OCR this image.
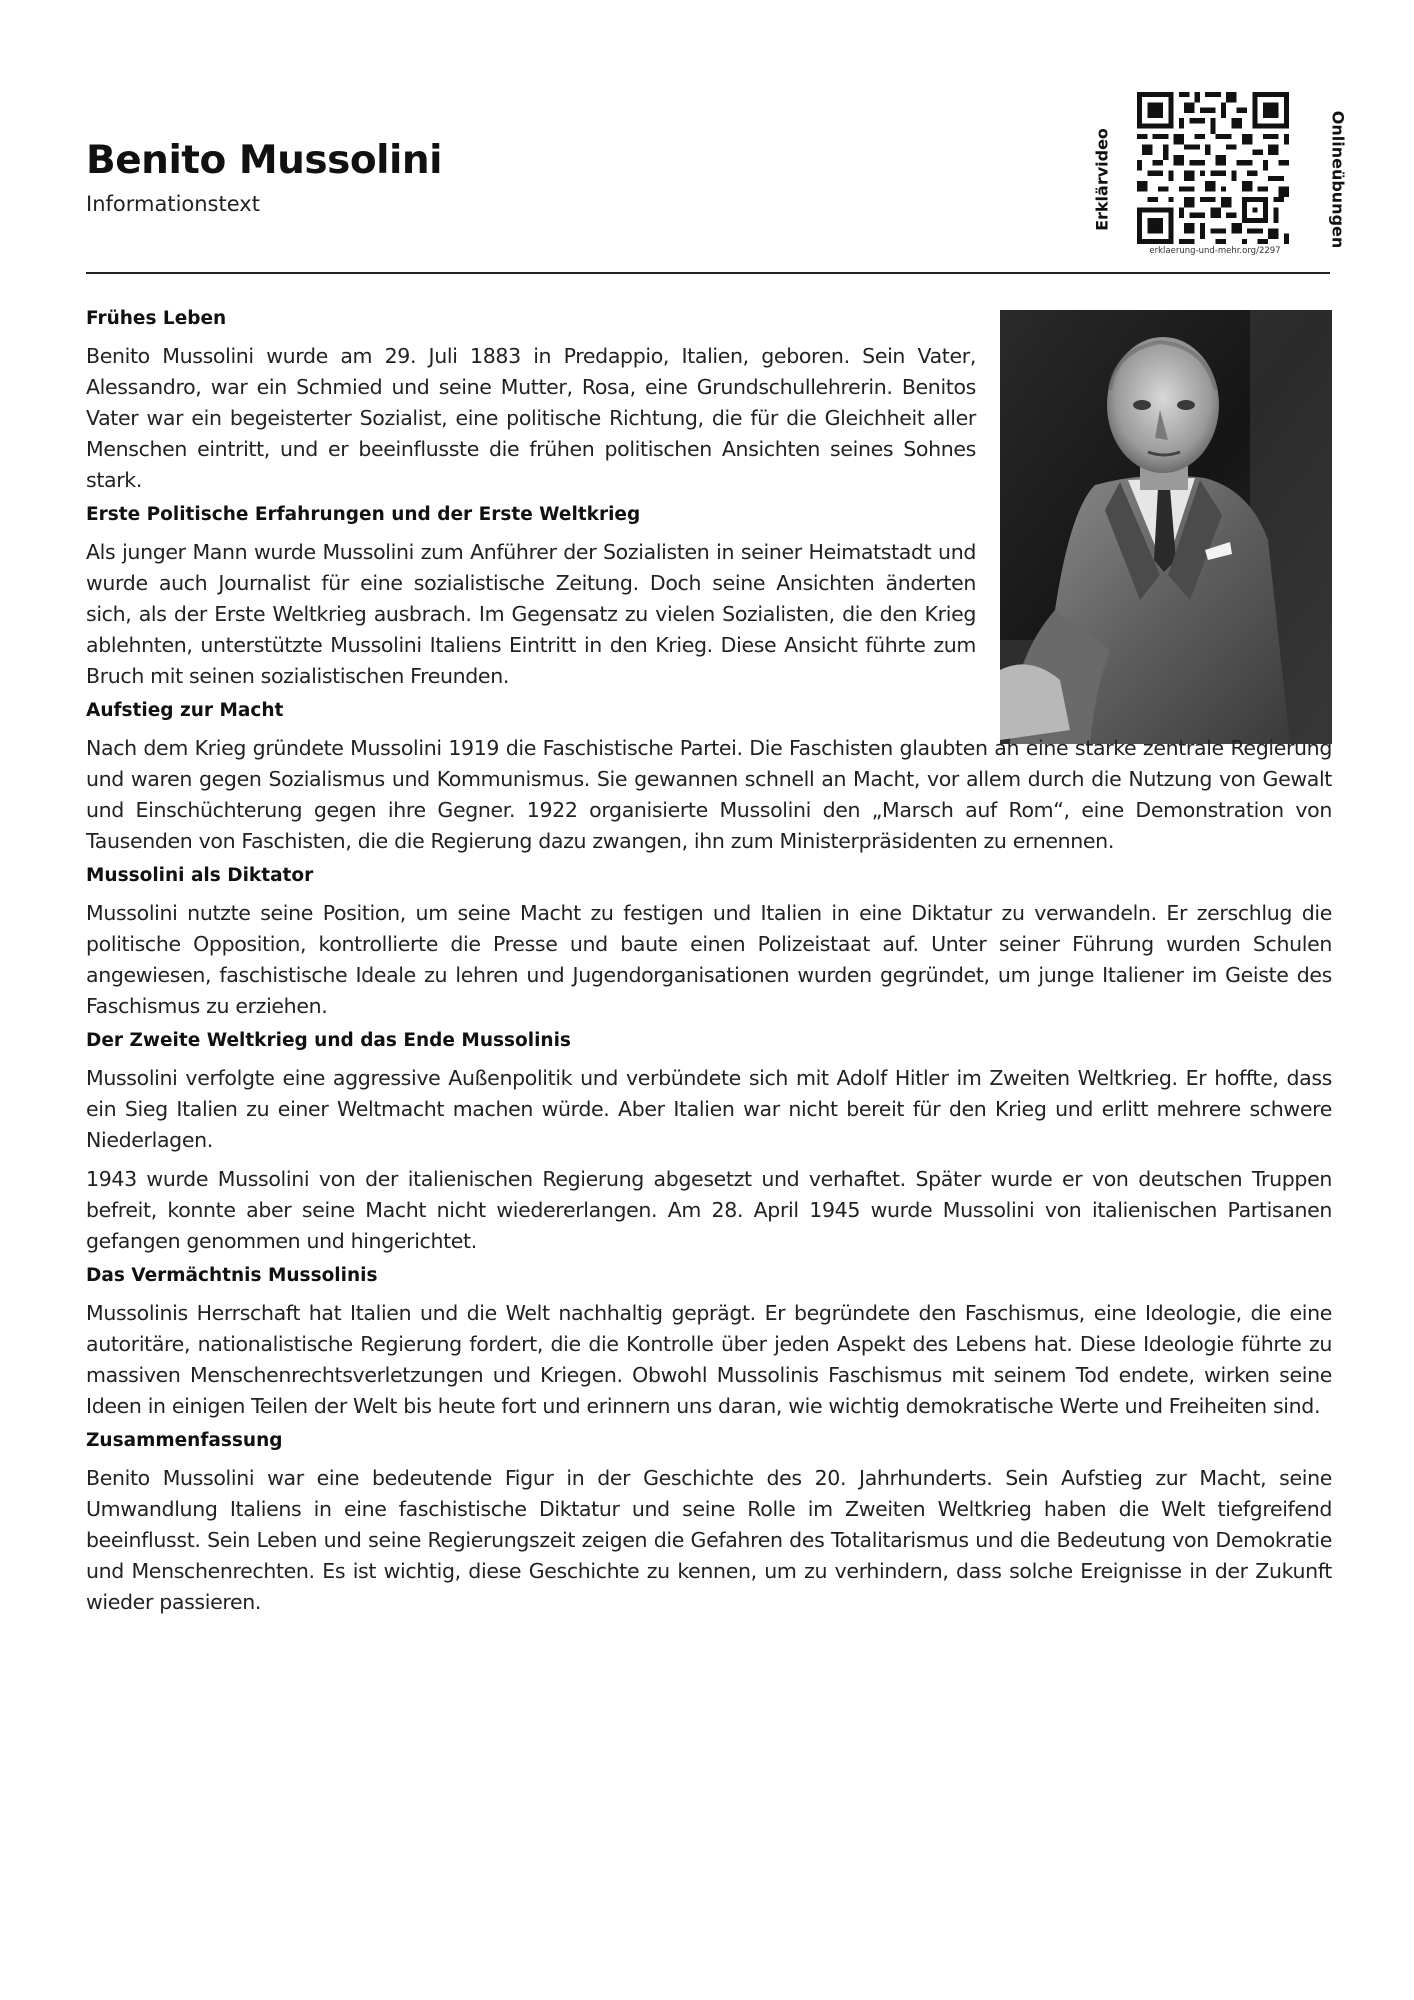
Benito Mussolini
Informationstext	Erklärvideo	Onlineübungen
erklaerung-und-mehr.org/2297
Frühes Leben

Benito Mussolini wurde am 29. Juli 1883 in Predappio, Italien, geboren. Sein Vater, Alessandro, war ein Schmied und seine Mutter, Rosa, eine Grundschullehrerin. Benitos Vater war ein begeisterter Sozialist, eine politische Richtung, die für die Gleichheit aller Menschen eintritt, und er beeinflusste die frühen politischen Ansichten seines Sohnes stark.

Erste Politische Erfahrungen und der Erste Weltkrieg

Als junger Mann wurde Mussolini zum Anführer der Sozialisten in seiner Heimatstadt und wurde auch Journalist für eine sozialistische Zeitung. Doch seine Ansichten änderten sich, als der Erste Weltkrieg ausbrach. Im Gegensatz zu vielen Sozialisten, die den Krieg ablehnten, unterstützte Mussolini Italiens Eintritt in den Krieg. Diese Ansicht führte zum Bruch mit seinen sozialistischen Freunden.

Aufstieg zur Macht

Nach dem Krieg gründete Mussolini 1919 die Faschistische Partei. Die Faschisten glaubten an eine starke zentrale Regierung und waren gegen Sozialismus und Kommunismus. Sie gewannen schnell an Macht, vor allem durch die Nutzung von Gewalt und Einschüchterung gegen ihre Gegner. 1922 organisierte Mussolini den „Marsch auf Rom“, eine Demonstration von Tausenden von Faschisten, die die Regierung dazu zwangen, ihn zum Ministerpräsidenten zu ernennen.

Mussolini als Diktator

Mussolini nutzte seine Position, um seine Macht zu festigen und Italien in eine Diktatur zu verwandeln. Er zerschlug die politische Opposition, kontrollierte die Presse und baute einen Polizeistaat auf. Unter seiner Führung wurden Schulen angewiesen, faschistische Ideale zu lehren und Jugendorganisationen wurden gegründet, um junge Italiener im Geiste des Faschismus zu erziehen.

Der Zweite Weltkrieg und das Ende Mussolinis

Mussolini verfolgte eine aggressive Außenpolitik und verbündete sich mit Adolf Hitler im Zweiten Weltkrieg. Er hoffte, dass ein Sieg Italien zu einer Weltmacht machen würde. Aber Italien war nicht bereit für den Krieg und erlitt mehrere schwere Niederlagen.

1943 wurde Mussolini von der italienischen Regierung abgesetzt und verhaftet. Später wurde er von deutschen Truppen befreit, konnte aber seine Macht nicht wiedererlangen. Am 28. April 1945 wurde Mussolini von italienischen Partisanen gefangen genommen und hingerichtet.

Das Vermächtnis Mussolinis

Mussolinis Herrschaft hat Italien und die Welt nachhaltig geprägt. Er begründete den Faschismus, eine Ideologie, die eine autoritäre, nationalistische Regierung fordert, die die Kontrolle über jeden Aspekt des Lebens hat. Diese Ideologie führte zu massiven Menschenrechtsverletzungen und Kriegen. Obwohl Mussolinis Faschismus mit seinem Tod endete, wirken seine Ideen in einigen Teilen der Welt bis heute fort und erinnern uns daran, wie wichtig demokratische Werte und Freiheiten sind.

Zusammenfassung

Benito Mussolini war eine bedeutende Figur in der Geschichte des 20. Jahrhunderts. Sein Aufstieg zur Macht, seine Umwandlung Italiens in eine faschistische Diktatur und seine Rolle im Zweiten Weltkrieg haben die Welt tiefgreifend beeinflusst. Sein Leben und seine Regierungszeit zeigen die Gefahren des Totalitarismus und die Bedeutung von Demokratie und Menschenrechten. Es ist wichtig, diese Geschichte zu kennen, um zu verhindern, dass solche Ereignisse in der Zukunft wieder passieren.
